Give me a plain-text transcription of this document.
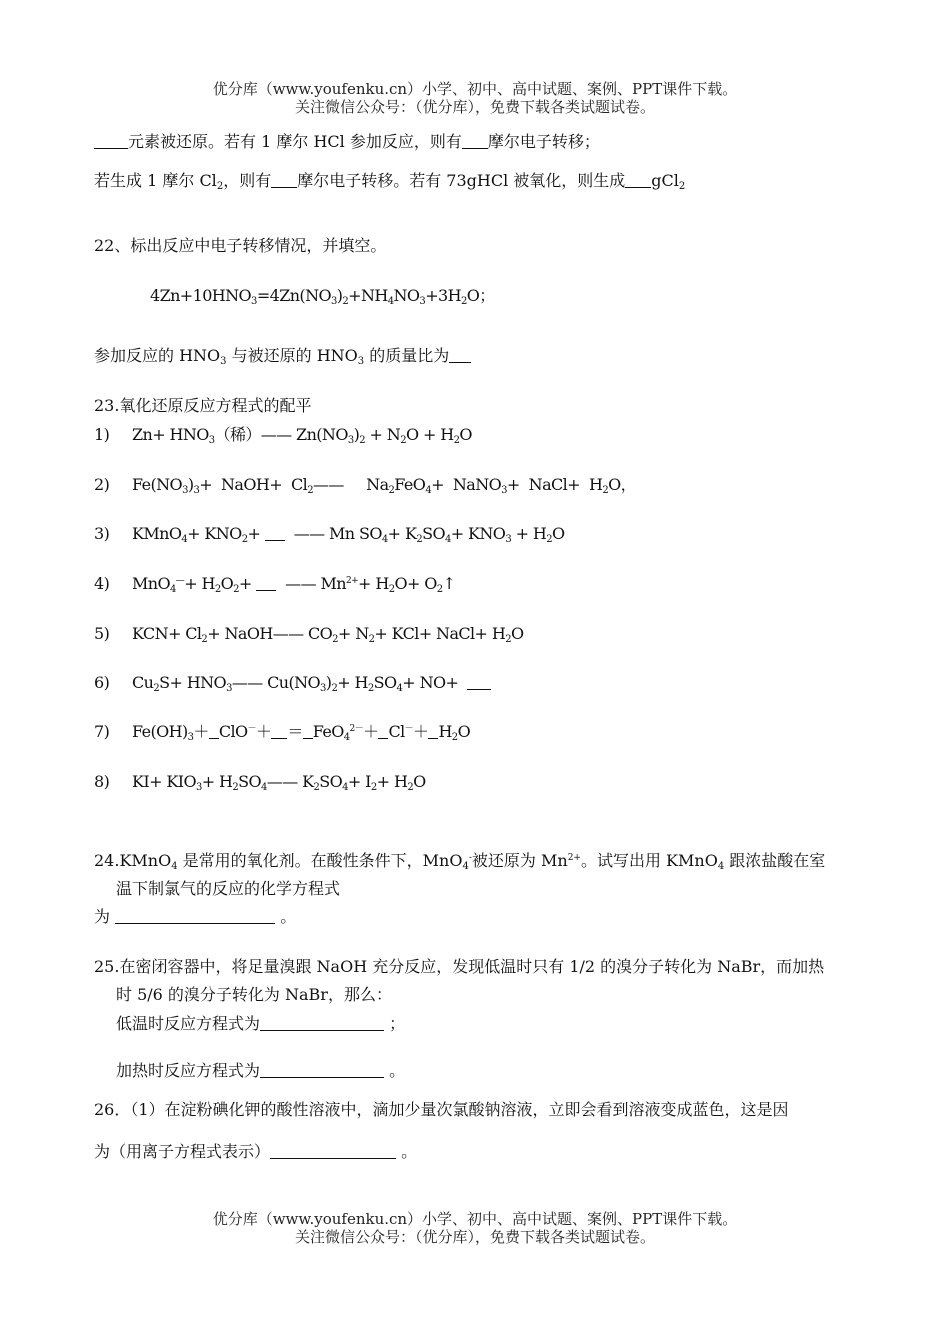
优分库（www.youfenku.cn）小学、初中、高中试题、案例、PPT课件下载。
关注微信公众号：（优分库），免费下载各类试题试卷。
元素被还原。若有 1 摩尔 HCl 参加反应，则有 摩尔电子转移；
若生成 1 摩尔 $Cl_2$，则有 摩尔电子转移。若有 73gHCl 被氧化，则生成 gCl$_2$
22、标出反应中电子转移情况，并填空。
$4Zn+10HNO_3=4Zn(NO_3)_2+NH_4NO_3+3H_2O$；
参加反应的 $HNO_3$ 与被还原的 $HNO_3$ 的质量比为
23.氧化还原反应方程式的配平
1) $Zn+ HNO_3$（稀）—— $Zn(NO_3)_2 + N_2O + H_2O$
2) $Fe(NO_3)_3+$  NaOH+  $Cl_2——$     $Na_2FeO_4+$  NaNO$_3$+  NaCl+  $H_2O$，
3) KMnO$_4$+ $KNO_2+$   —— Mn $SO_4+ K_2SO_4+ KNO_3 + H_2O$
4) $MnO_4^—+ H_2O_2+$   —— $Mn^{2+}+ H_2O+$ $O_2↑$
5) $KCN+ Cl_2+$ NaOH—— $CO_2+ N_2+ KCl+$ NaCl+ $H_2O$
6) $Cu_2S+$ $HNO_3——$ $Cu(NO_3)_2+ H_2SO_4+ NO+$
7) $Fe(OH)_3+ ClO^-+ = FeO_4^{2-}+ Cl^-+ H_2O$
8) $KI+ KIO_3+$ $H_2SO_4——$ $K_2SO_4+ I_2+ H_2O$
24.KMnO$_4$ 是常用的氧化剂。在酸性条件下，MnO$_4$-被还原为 $Mn^{2+}$。试写出用 KMnO$_4$ 跟浓盐酸在室
温下制氯气的反应的化学方程式
为	。
25.在密闭容器中，将足量溴跟 NaOH 充分反应，发现低温时只有 1/2 的溴分子转化为 NaBr，而加热
时 5/6 的溴分子转化为 NaBr，那么：
低温时反应方程式为	；
加热时反应方程式为	。
26．（1）在淀粉碘化钾的酸性溶液中，滴加少量次氯酸钠溶液，立即会看到溶液变成蓝色，这是因
为（用离子方程式表示）	。
优分库（www.youfenku.cn）小学、初中、高中试题、案例、PPT课件下载。
关注微信公众号：（优分库），免费下载各类试题试卷。
